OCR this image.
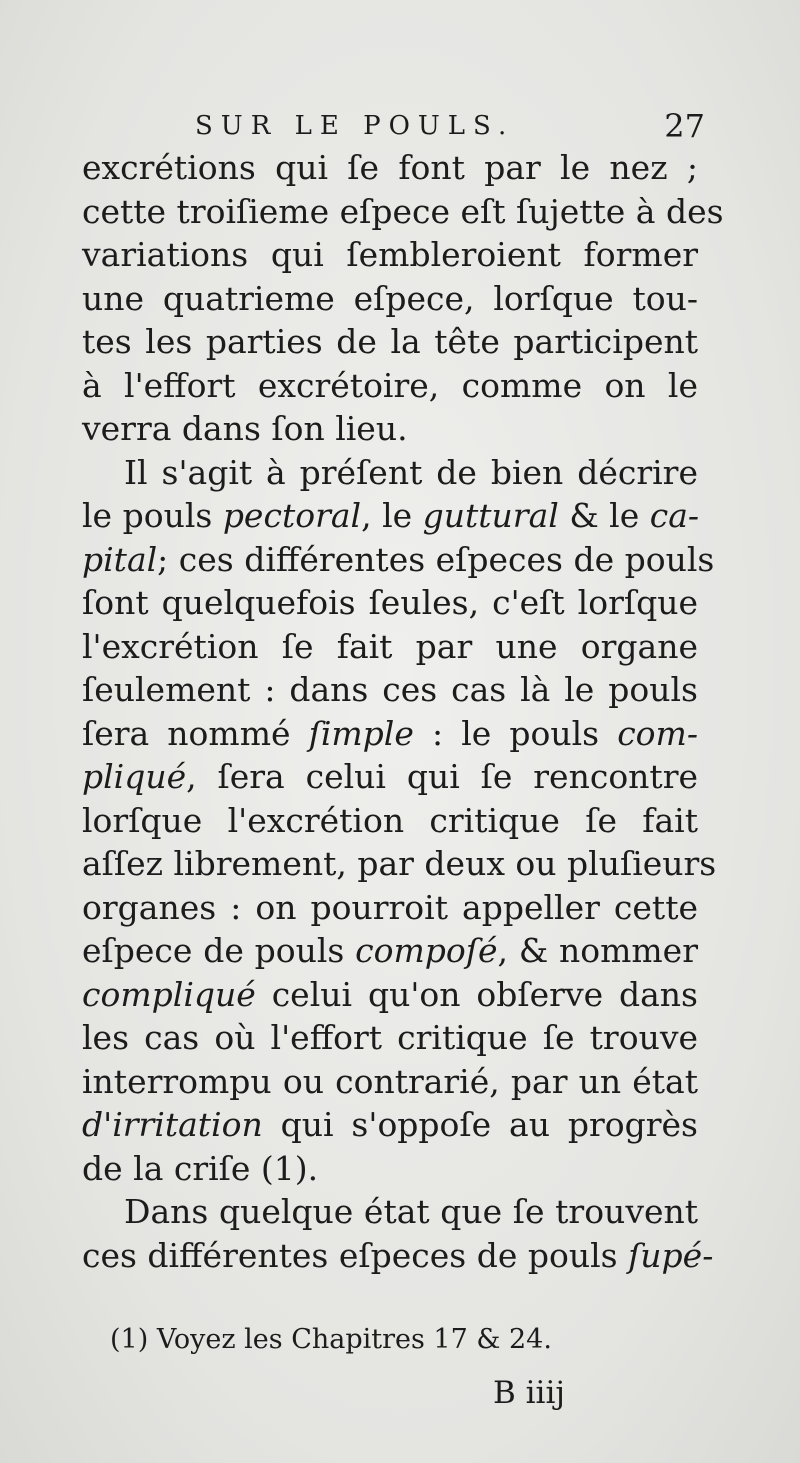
SUR LE POULS.	27
excrétions qui ſe font par le nez ;
cette troiſieme eſpece eſt ſujette à des
variations qui ſembleroient former
une quatrieme eſpece, lorſque tou-
tes les parties de la tête participent
à l'effort excrétoire, comme on le
verra dans ſon lieu.
Il s'agit à préſent de bien décrire
le pouls pectoral, le guttural & le ca-
pital; ces différentes eſpeces de pouls
ſont quelquefois ſeules, c'eſt lorſque
l'excrétion ſe fait par une organe
ſeulement : dans ces cas là le pouls
ſera nommé ſimple : le pouls com-
pliqué, ſera celui qui ſe rencontre
lorſque l'excrétion critique ſe fait
aſſez librement, par deux ou pluſieurs
organes : on pourroit appeller cette
eſpece de pouls compoſé, & nommer
compliqué celui qu'on obſerve dans
les cas où l'effort critique ſe trouve
interrompu ou contrarié, par un état
d'irritation qui s'oppoſe au progrès
de la criſe (1).
Dans quelque état que ſe trouvent
ces différentes eſpeces de pouls ſupé-
(1) Voyez les Chapitres 17 & 24.
B iiij
